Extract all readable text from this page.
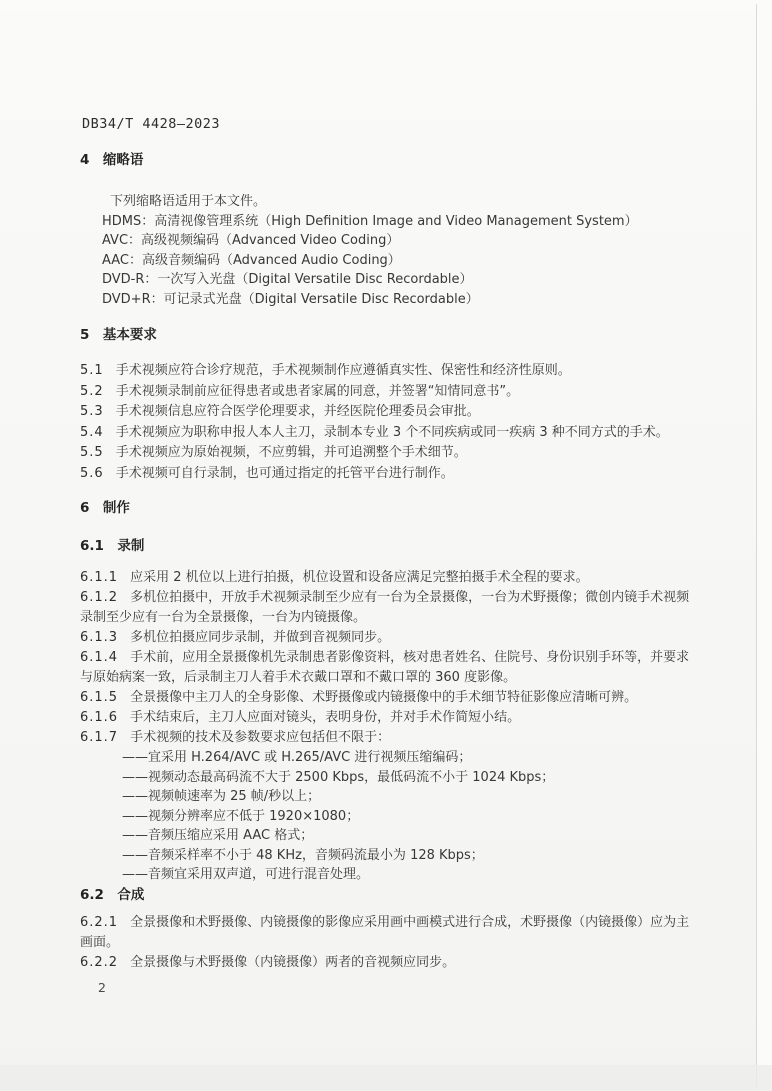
DB34/T 4428—2023

4　缩略语

下列缩略语适用于本文件。
HDMS：高清视像管理系统（High Definition Image and Video Management System）
AVC：高级视频编码（Advanced Video Coding）
AAC：高级音频编码（Advanced Audio Coding）
DVD-R：一次写入光盘（Digital Versatile Disc Recordable）
DVD+R：可记录式光盘（Digital Versatile Disc Recordable）

5　基本要求

5.1 手术视频应符合诊疗规范，手术视频制作应遵循真实性、保密性和经济性原则。

5.2 手术视频录制前应征得患者或患者家属的同意，并签署“知情同意书”。

5.3 手术视频信息应符合医学伦理要求，并经医院伦理委员会审批。

5.4 手术视频应为职称申报人本人主刀，录制本专业 3 个不同疾病或同一疾病 3 种不同方式的手术。

5.5 手术视频应为原始视频，不应剪辑，并可追溯整个手术细节。

5.6 手术视频可自行录制，也可通过指定的托管平台进行制作。

6　制作

6.1　录制

6.1.1 应采用 2 机位以上进行拍摄，机位设置和设备应满足完整拍摄手术全程的要求。

6.1.2 多机位拍摄中，开放手术视频录制至少应有一台为全景摄像，一台为术野摄像；微创内镜手术视频录制至少应有一台为全景摄像，一台为内镜摄像。

6.1.3 多机位拍摄应同步录制，并做到音视频同步。

6.1.4 手术前，应用全景摄像机先录制患者影像资料，核对患者姓名、住院号、身份识别手环等，并要求与原始病案一致，后录制主刀人着手术衣戴口罩和不戴口罩的 360 度影像。

6.1.5 全景摄像中主刀人的全身影像、术野摄像或内镜摄像中的手术细节特征影像应清晰可辨。

6.1.6 手术结束后，主刀人应面对镜头，表明身份，并对手术作简短小结。

6.1.7 手术视频的技术及参数要求应包括但不限于：

——宜采用 H.264/AVC 或 H.265/AVC 进行视频压缩编码；
——视频动态最高码流不大于 2500 Kbps，最低码流不小于 1024 Kbps；
——视频帧速率为 25 帧/秒以上；
——视频分辨率应不低于 1920×1080；
——音频压缩应采用 AAC 格式；
——音频采样率不小于 48 KHz，音频码流最小为 128 Kbps；
——音频宜采用双声道，可进行混音处理。

6.2　合成

6.2.1 全景摄像和术野摄像、内镜摄像的影像应采用画中画模式进行合成，术野摄像（内镜摄像）应为主画面。

6.2.2 全景摄像与术野摄像（内镜摄像）两者的音视频应同步。

2
